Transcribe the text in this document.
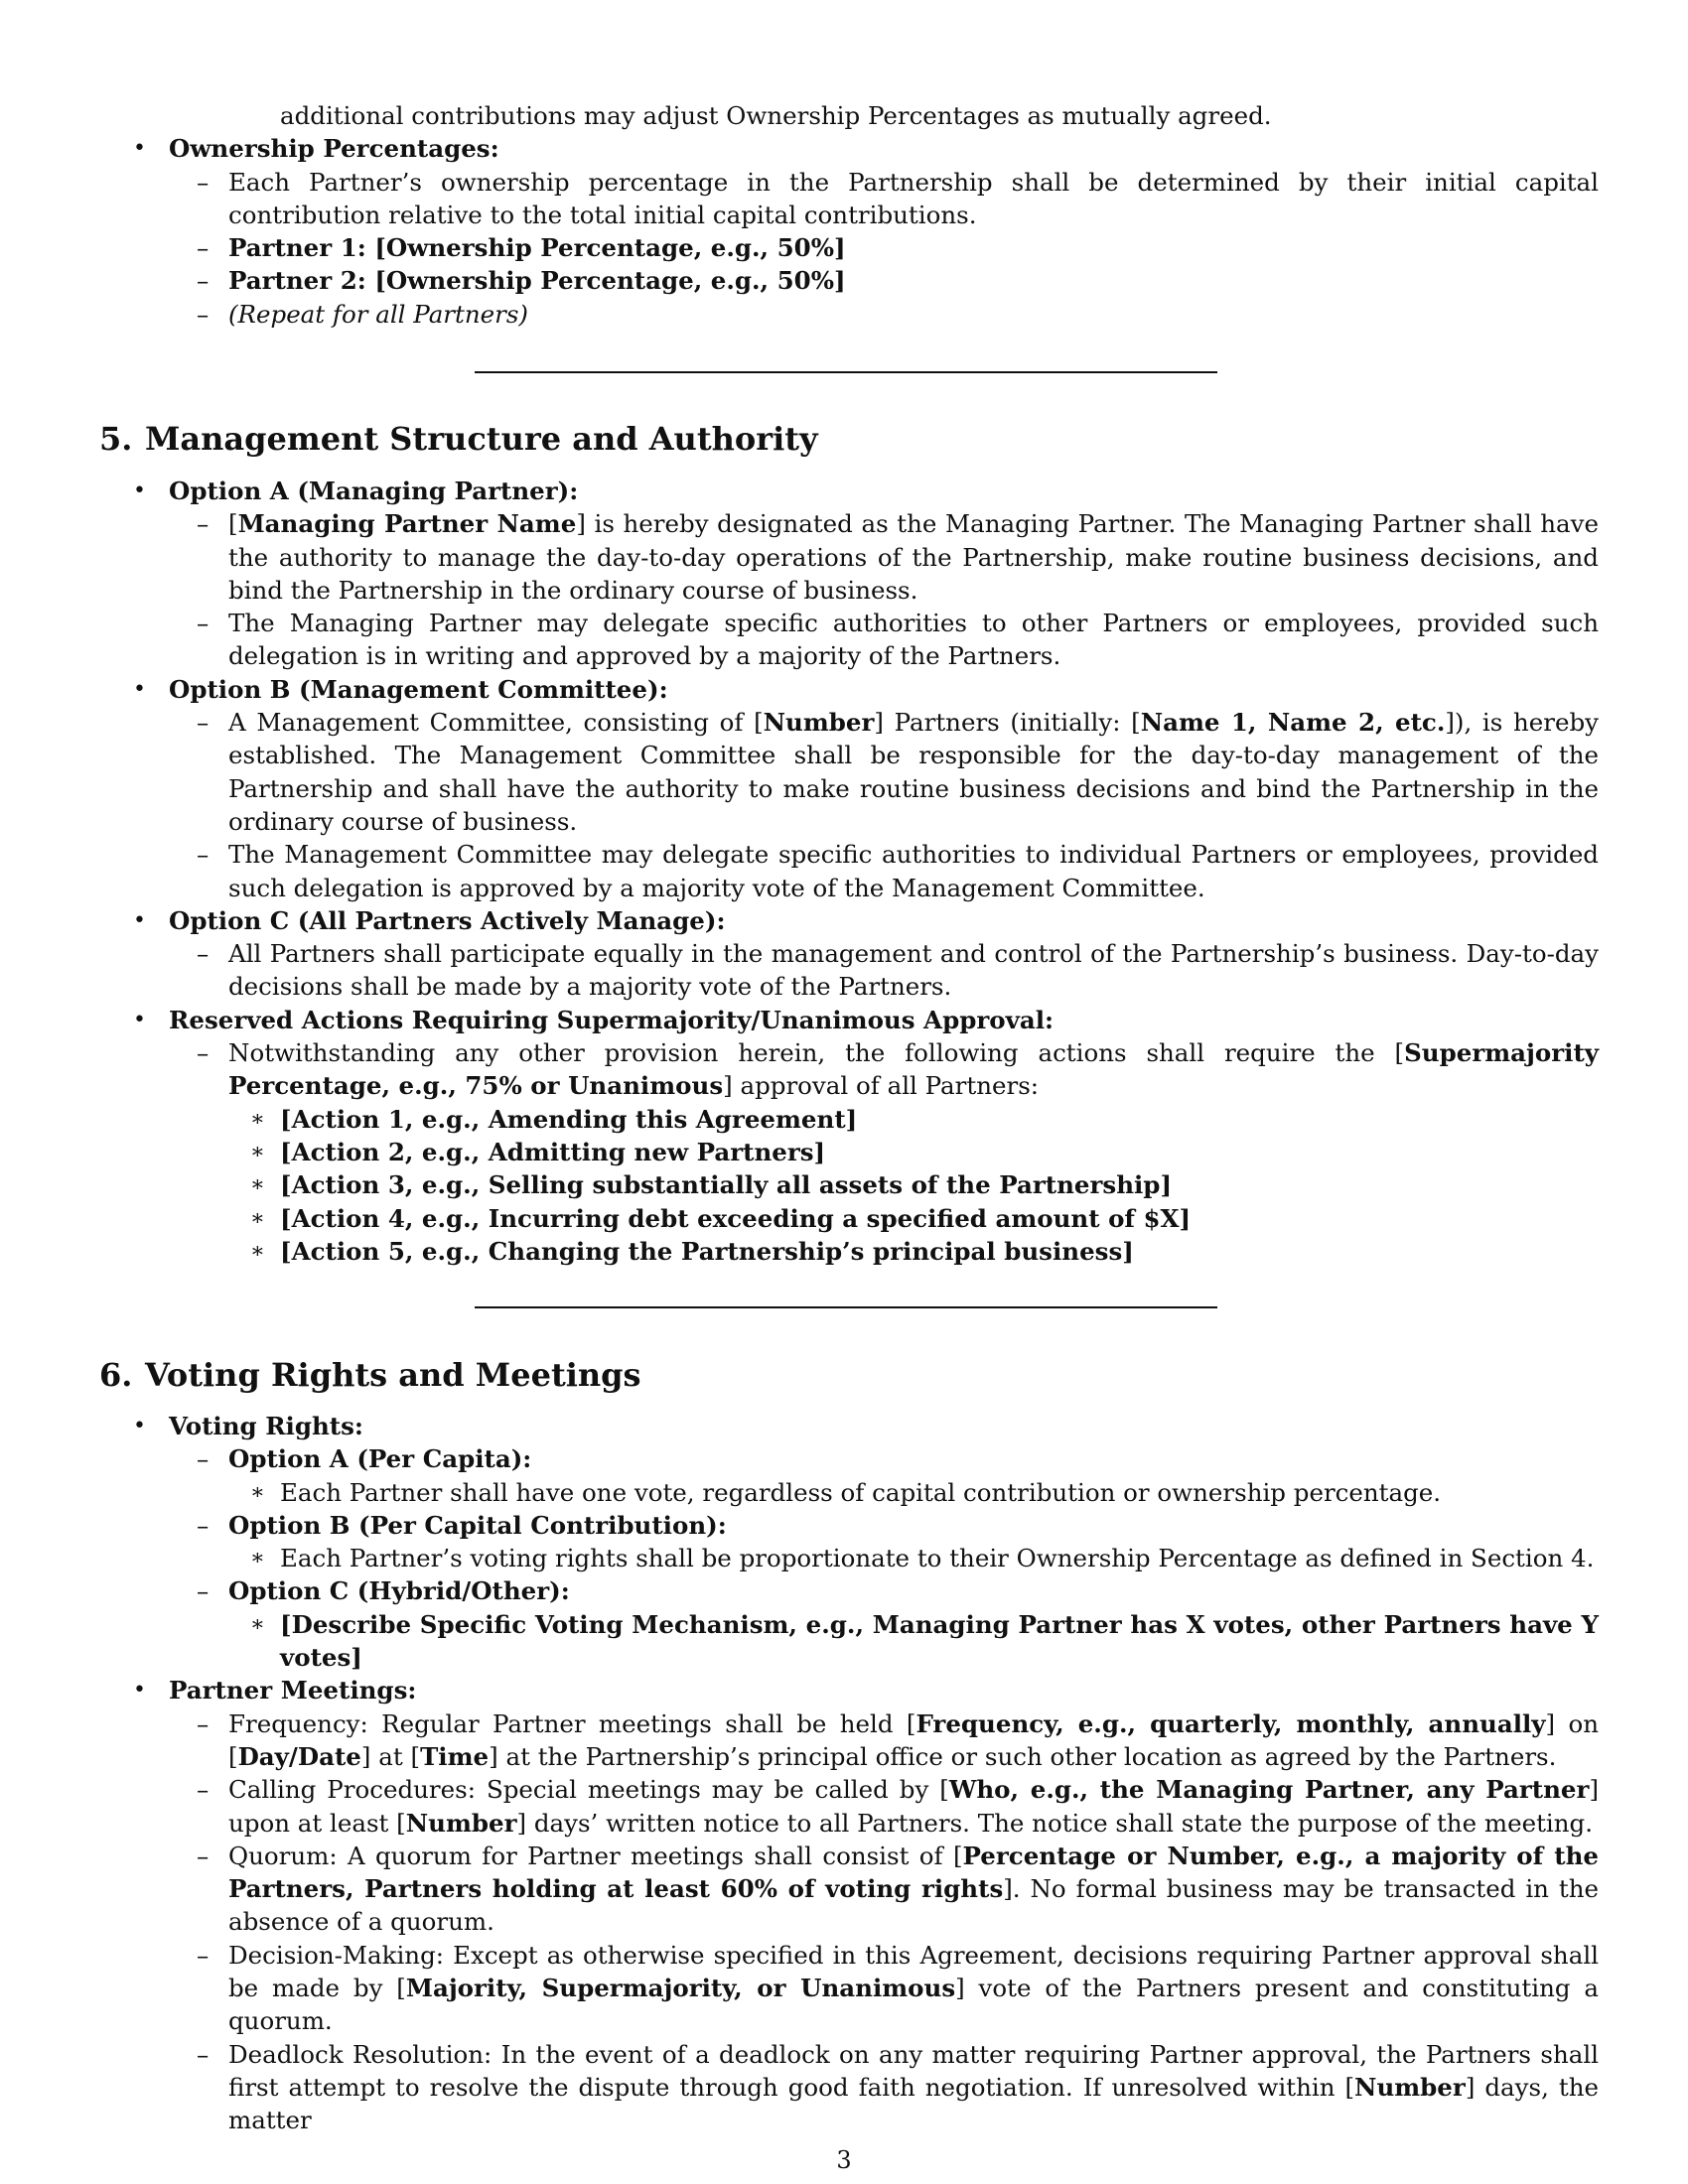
additional contributions may adjust Ownership Percentages as mutually agreed.

• Ownership Percentages:
– Each Partner’s ownership percentage in the Partnership shall be determined by their initial capital contribution relative to the total initial capital contributions.
– Partner 1: [Ownership Percentage, e.g., 50%]
– Partner 2: [Ownership Percentage, e.g., 50%]
– (Repeat for all Partners)
5. Management Structure and Authority
• Option A (Managing Partner):
– [Managing Partner Name] is hereby designated as the Managing Partner. The Managing Partner shall have the authority to manage the day-to-day operations of the Partnership, make routine business decisions, and bind the Partnership in the ordinary course of business.
– The Managing Partner may delegate specific authorities to other Partners or employees, provided such delegation is in writing and approved by a majority of the Partners.
• Option B (Management Committee):
– A Management Committee, consisting of [Number] Partners (initially: [Name 1, Name 2, etc.]), is hereby established. The Management Committee shall be responsible for the day-to-day management of the Partnership and shall have the authority to make routine business decisions and bind the Partnership in the ordinary course of business.
– The Management Committee may delegate specific authorities to individual Partners or employees, provided such delegation is approved by a majority vote of the Management Committee.
• Option C (All Partners Actively Manage):
– All Partners shall participate equally in the management and control of the Partnership’s business. Day-to-day decisions shall be made by a majority vote of the Partners.
• Reserved Actions Requiring Supermajority/Unanimous Approval:
– Notwithstanding any other provision herein, the following actions shall require the [Supermajority Percentage, e.g., 75% or Unanimous] approval of all Partners:
∗ [Action 1, e.g., Amending this Agreement]
∗ [Action 2, e.g., Admitting new Partners]
∗ [Action 3, e.g., Selling substantially all assets of the Partnership]
∗ [Action 4, e.g., Incurring debt exceeding a specified amount of $X]
∗ [Action 5, e.g., Changing the Partnership’s principal business]
6. Voting Rights and Meetings
• Voting Rights:
– Option A (Per Capita):
∗ Each Partner shall have one vote, regardless of capital contribution or ownership percentage.
– Option B (Per Capital Contribution):
∗ Each Partner’s voting rights shall be proportionate to their Ownership Percentage as defined in Section 4.
– Option C (Hybrid/Other):
∗ [Describe Specific Voting Mechanism, e.g., Managing Partner has X votes, other Partners have Y votes]
• Partner Meetings:
– Frequency: Regular Partner meetings shall be held [Frequency, e.g., quarterly, monthly, annually] on [Day/Date] at [Time] at the Partnership’s principal office or such other location as agreed by the Partners.
– Calling Procedures: Special meetings may be called by [Who, e.g., the Managing Partner, any Partner] upon at least [Number] days’ written notice to all Partners. The notice shall state the purpose of the meeting.
– Quorum: A quorum for Partner meetings shall consist of [Percentage or Number, e.g., a majority of the Partners, Partners holding at least 60% of voting rights]. No formal business may be transacted in the absence of a quorum.
– Decision-Making: Except as otherwise specified in this Agreement, decisions requiring Partner approval shall be made by [Majority, Supermajority, or Unanimous] vote of the Partners present and constituting a quorum.
– Deadlock Resolution: In the event of a deadlock on any matter requiring Partner approval, the Partners shall first attempt to resolve the dispute through good faith negotiation. If unresolved within [Number] days, the matter
3
